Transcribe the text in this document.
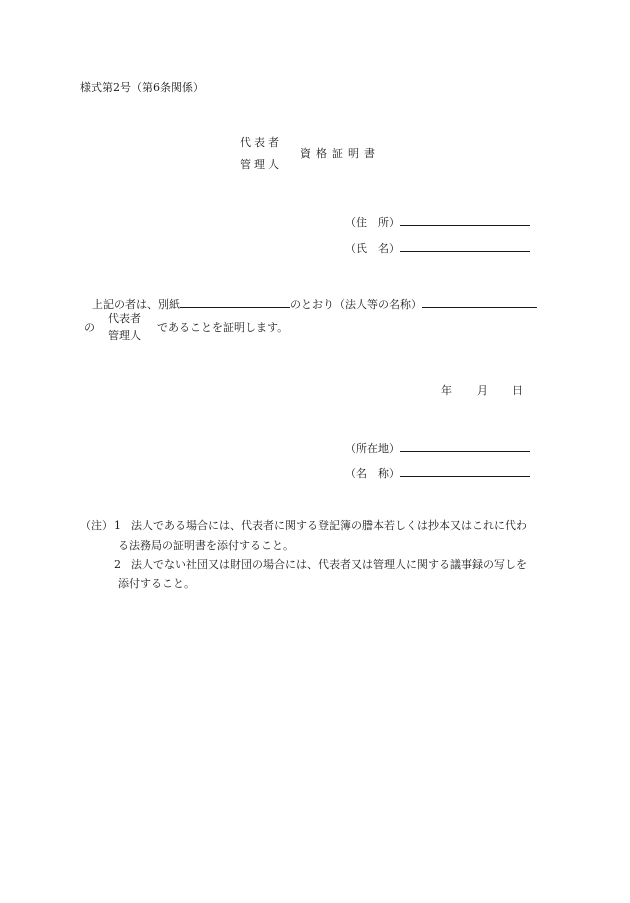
様式第2号（第6条関係）
代表者
管理人
資格証明書
（住　所）
（氏　名）
上記の者は、別紙	のとおり（法人等の名称）
の
代表者
管理人
であることを証明します。
年 月 日
（所在地）
（名　称）
（注） 1 法人である場合には、代表者に関する登記簿の謄本若しくは抄本又はこれに代わ
る法務局の証明書を添付すること。
2 法人でない社団又は財団の場合には、代表者又は管理人に関する議事録の写しを
添付すること。
